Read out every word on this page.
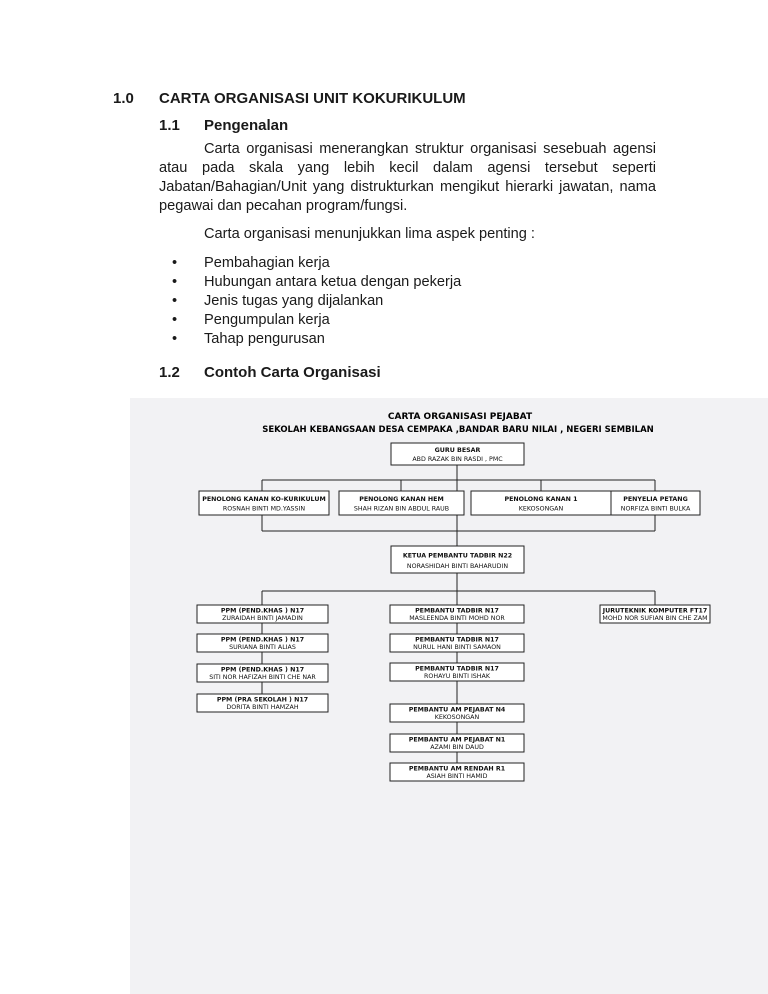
1.0 CARTA ORGANISASI UNIT KOKURIKULUM
1.1 Pengenalan
Carta organisasi menerangkan struktur organisasi sesebuah agensi atau pada skala yang lebih kecil dalam agensi tersebut seperti Jabatan/Bahagian/Unit yang distrukturkan mengikut hierarki jawatan, nama pegawai dan pecahan program/fungsi.
Carta organisasi menunjukkan lima aspek penting :
• Pembahagian kerja
• Hubungan antara ketua dengan pekerja
• Jenis tugas yang dijalankan
• Pengumpulan kerja
• Tahap pengurusan
1.2 Contoh Carta Organisasi
CARTA ORGANISASI PEJABAT
SEKOLAH KEBANGSAAN DESA CEMPAKA ,BANDAR BARU NILAI , NEGERI SEMBILAN
GURU BESAR
ABD RAZAK BIN RASDI , PMC
PENOLONG KANAN KO-KURIKULUM
ROSNAH BINTI MD.YASSIN
PENOLONG KANAN HEM
SHAH RIZAN BIN ABDUL RAUB
PENOLONG KANAN 1
KEKOSONGAN
PENYELIA PETANG
NORFIZA BINTI BULKA
KETUA PEMBANTU TADBIR N22
NORASHIDAH BINTI BAHARUDIN
PPM (PEND.KHAS ) N17
ZURAIDAH BINTI JAMADIN
PPM (PEND.KHAS ) N17
SURIANA BINTI ALIAS
PPM (PEND.KHAS ) N17
SITI NOR HAFIZAH BINTI CHE NAR
PPM (PRA SEKOLAH ) N17
DORITA BINTI HAMZAH
PEMBANTU TADBIR N17
MASLEENDA BINTI MOHD NOR
PEMBANTU TADBIR N17
NURUL HANI BINTI SAMAON
PEMBANTU TADBIR N17
ROHAYU BINTI ISHAK
PEMBANTU AM PEJABAT N4
KEKOSONGAN
PEMBANTU AM PEJABAT N1
AZAMI BIN DAUD
PEMBANTU AM RENDAH R1
ASIAH BINTI HAMID
JURUTEKNIK KOMPUTER FT17
MOHD NOR SUFIAN BIN CHE ZAM
